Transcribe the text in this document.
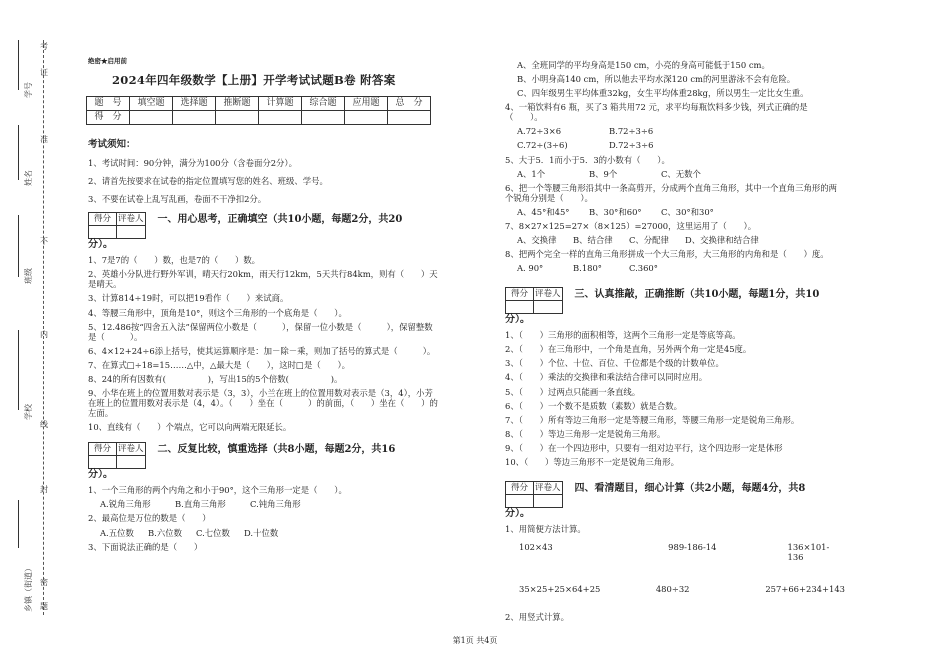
考
证
准
不
内
线
封
密
题
学号
姓名
班级
学校
乡镇（街道）
绝密★启用前
2024年四年级数学【上册】开学考试试题B卷 附答案
题　号	填空题	选择题	推断题	计算题	综合题	应用题	总　分
得　分							

考试须知：

1、考试时间：90分钟，满分为100分（含卷面分2分）。

2、请首先按要求在试卷的指定位置填写您的姓名、班级、学号。

3、不要在试卷上乱写乱画，卷面不干净扣2分。

得分	评卷人
	一、用心思考，正确填空（共10小题，每题2分，共20
分）。

1、7是7的（　　）数，也是7的（　　）数。

2、英雄小分队进行野外军训，晴天行20km，雨天行12km，5天共行84km，则有（　　）天是晴天。

3、计算814÷19时，可以把19看作（　　）来试商。

4、等腰三角形中，顶角是10°，则这个三角形的一个底角是（　　）。

5、12.486按“四舍五入法”保留两位小数是（　　　），保留一位小数是（　　　），保留整数是（　　　）。

6、4×12+24÷6添上括号，使其运算顺序是：加－除－乘，则加了括号的算式是（　　　）。

7、在算式□÷18=15……△中，△最大是（　　），这时□是（　　）。

8、24的所有因数有(　　　　　)，写出15的5个倍数(　　　　　)。

9、小华在班上的位置用数对表示是（3，3），小兰在班上的位置用数对表示是（3，4），小芳在班上的位置用数对表示是（4，4）。（　　）坐在（　　　）的前面，（　　）坐在（　　）的左面。

10、直线有（　　）个端点，它可以向两端无限延长。

得分	评卷人
	二、反复比较，慎重选择（共8小题，每题2分，共16
分）。

1、一个三角形的两个内角之和小于90°，这个三角形一定是（　　）。

A.锐角三角形	B.直角三角形	C.钝角三角形

2、最高位是万位的数是（　　）

A.五位数	B.六位数	C.七位数	D.十位数

3、下面说法正确的是（　　）

A、全班同学的平均身高是150 cm，小亮的身高可能低于150 cm。

B、小明身高140 cm，所以他去平均水深120 cm的河里游泳不会有危险。

C、四年级男生平均体重32kg，女生平均体重28kg，所以男生一定比女生重。

4、一箱饮料有6 瓶，买了3 箱共用72 元，求平均每瓶饮料多少钱，列式正确的是（　　）。

A.72÷3×6	B.72÷3÷6
C.72÷(3÷6)	D.72÷3÷6

5、大于5．1而小于5．3的小数有（　　）。

A、1个	B、9个	C、无数个

6、把一个等腰三角形沿其中一条高剪开，分成两个直角三角形，其中一个直角三角形的两个锐角分别是（　　）。

A、45°和45°	B、30°和60°	C、30°和30°

7、8×27×125=27×（8×125）=27000，这里运用了（　　）。

A、交换律	B、结合律	C、分配律	D、交换律和结合律

8、把两个完全一样的直角三角形拼成一个大三角形，大三角形的内角和是（　　）度。

A. 90°	B.180°	C.360°
得分	评卷人
	三、认真推敲，正确推断（共10小题，每题1分，共10
分）。

1、（　　）三角形的面积相等，这两个三角形一定是等底等高。

2、（　　）在三角形中，一个角是直角，另外两个角一定是45度。

3、（　　）个位、十位、百位、千位都是个级的计数单位。

4、（　　）乘法的交换律和乘法结合律可以同时应用。

5、（　　）过两点只能画一条直线。

6、（　　）一个数不是质数（素数）就是合数。

7、（　　）所有等边三角形一定是等腰三角形，等腰三角形一定是锐角三角形。

8、（　　）等边三角形一定是锐角三角形。

9、（　　）在一个四边形中，只要有一组对边平行，这个四边形一定是体形

10、（　　）等边三角形不一定是锐角三角形。

得分	评卷人
	四、看清题目，细心计算（共2小题，每题4分，共8
分）。

1、用简便方法计算。

102×43	989-186-14	136×101-136
35×25+25×64+25	480÷32	257+66+234+143

2、用竖式计算。

第1页 共4页
